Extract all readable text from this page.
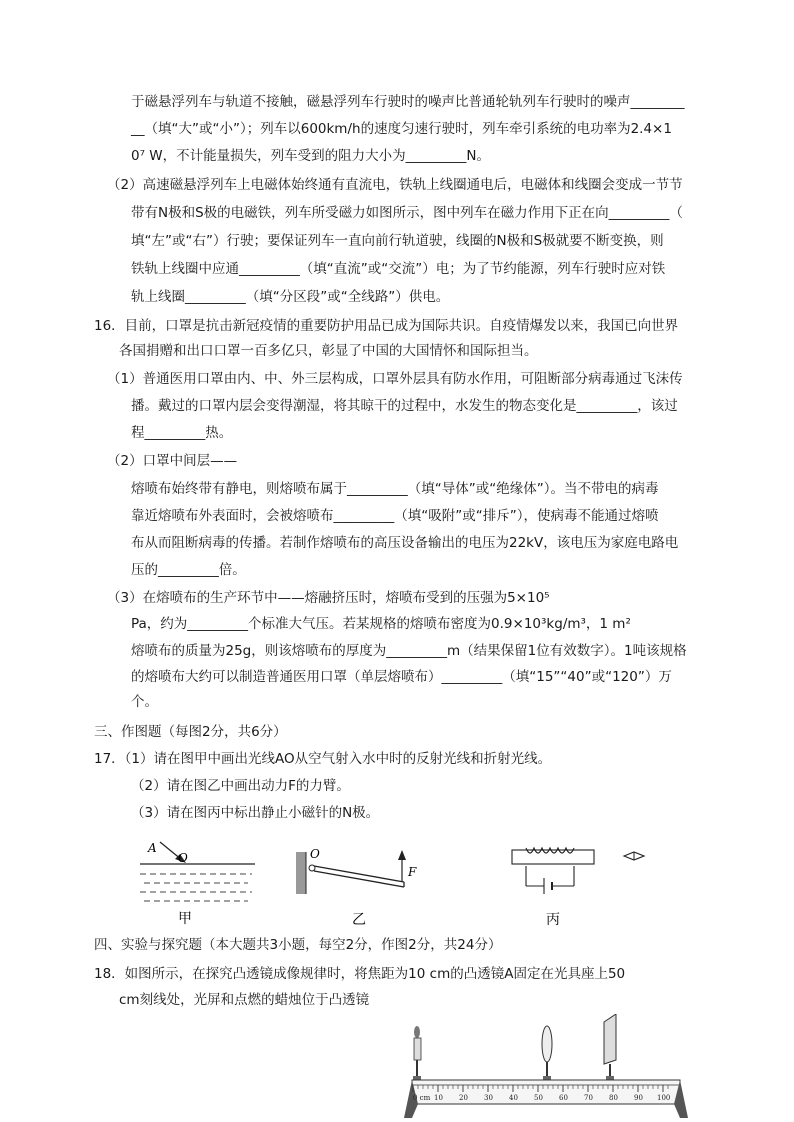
于磁悬浮列车与轨道不接触，磁悬浮列车行驶时的噪声比普通轮轨列车行驶时的噪声________
__（填“大”或“小”）；列车以600km/h的速度匀速行驶时，列车牵引系统的电功率为2.4×1
0⁷ W，不计能量损失，列车受到的阻力大小为_________N。
（2）高速磁悬浮列车上电磁体始终通有直流电，铁轨上线圈通电后，电磁体和线圈会变成一节节
带有N极和S极的电磁铁，列车所受磁力如图所示，图中列车在磁力作用下正在向_________（
填“左”或“右”）行驶；要保证列车一直向前行轨道驶，线圈的N极和S极就要不断变换，则
铁轨上线圈中应通_________（填“直流”或“交流”）电；为了节约能源，列车行驶时应对铁
轨上线圈_________（填“分区段”或“全线路”）供电。
16．目前，口罩是抗击新冠疫情的重要防护用品已成为国际共识。自疫情爆发以来，我国已向世界
各国捐赠和出口口罩一百多亿只，彰显了中国的大国情怀和国际担当。
（1）普通医用口罩由内、中、外三层构成，口罩外层具有防水作用，可阻断部分病毒通过飞沫传
播。戴过的口罩内层会变得潮湿，将其晾干的过程中，水发生的物态变化是_________，该过
程_________热。
（2）口罩中间层——
熔喷布始终带有静电，则熔喷布属于_________（填“导体”或“绝缘体”）。当不带电的病毒
靠近熔喷布外表面时，会被熔喷布_________（填“吸附”或“排斥”），使病毒不能通过熔喷
布从而阻断病毒的传播。若制作熔喷布的高压设备输出的电压为22kV，该电压为家庭电路电
压的_________倍。
（3）在熔喷布的生产环节中——熔融挤压时，熔喷布受到的压强为5×10⁵
Pa，约为_________个标准大气压。若某规格的熔喷布密度为0.9×10³kg/m³，1 m²
熔喷布的质量为25g，则该熔喷布的厚度为_________m（结果保留1位有效数字）。1吨该规格
的熔喷布大约可以制造普通医用口罩（单层熔喷布）_________（填“15”“40”或“120”）万
个。
三、作图题（每图2分，共6分）
17．（1）请在图甲中画出光线AO从空气射入水中时的反射光线和折射光线。
（2）请在图乙中画出动力F的力臂。
（3）请在图丙中标出静止小磁针的N极。
四、实验与探究题（本大题共3小题，每空2分，作图2分，共24分）
18．如图所示，在探究凸透镜成像规律时，将焦距为10 cm的凸透镜A固定在光具座上50
cm刻线处，光屏和点燃的蜡烛位于凸透镜
A
O
甲
O
F
乙	丙
0 cm 10 20 30 40 50 60 70 80 90 100
